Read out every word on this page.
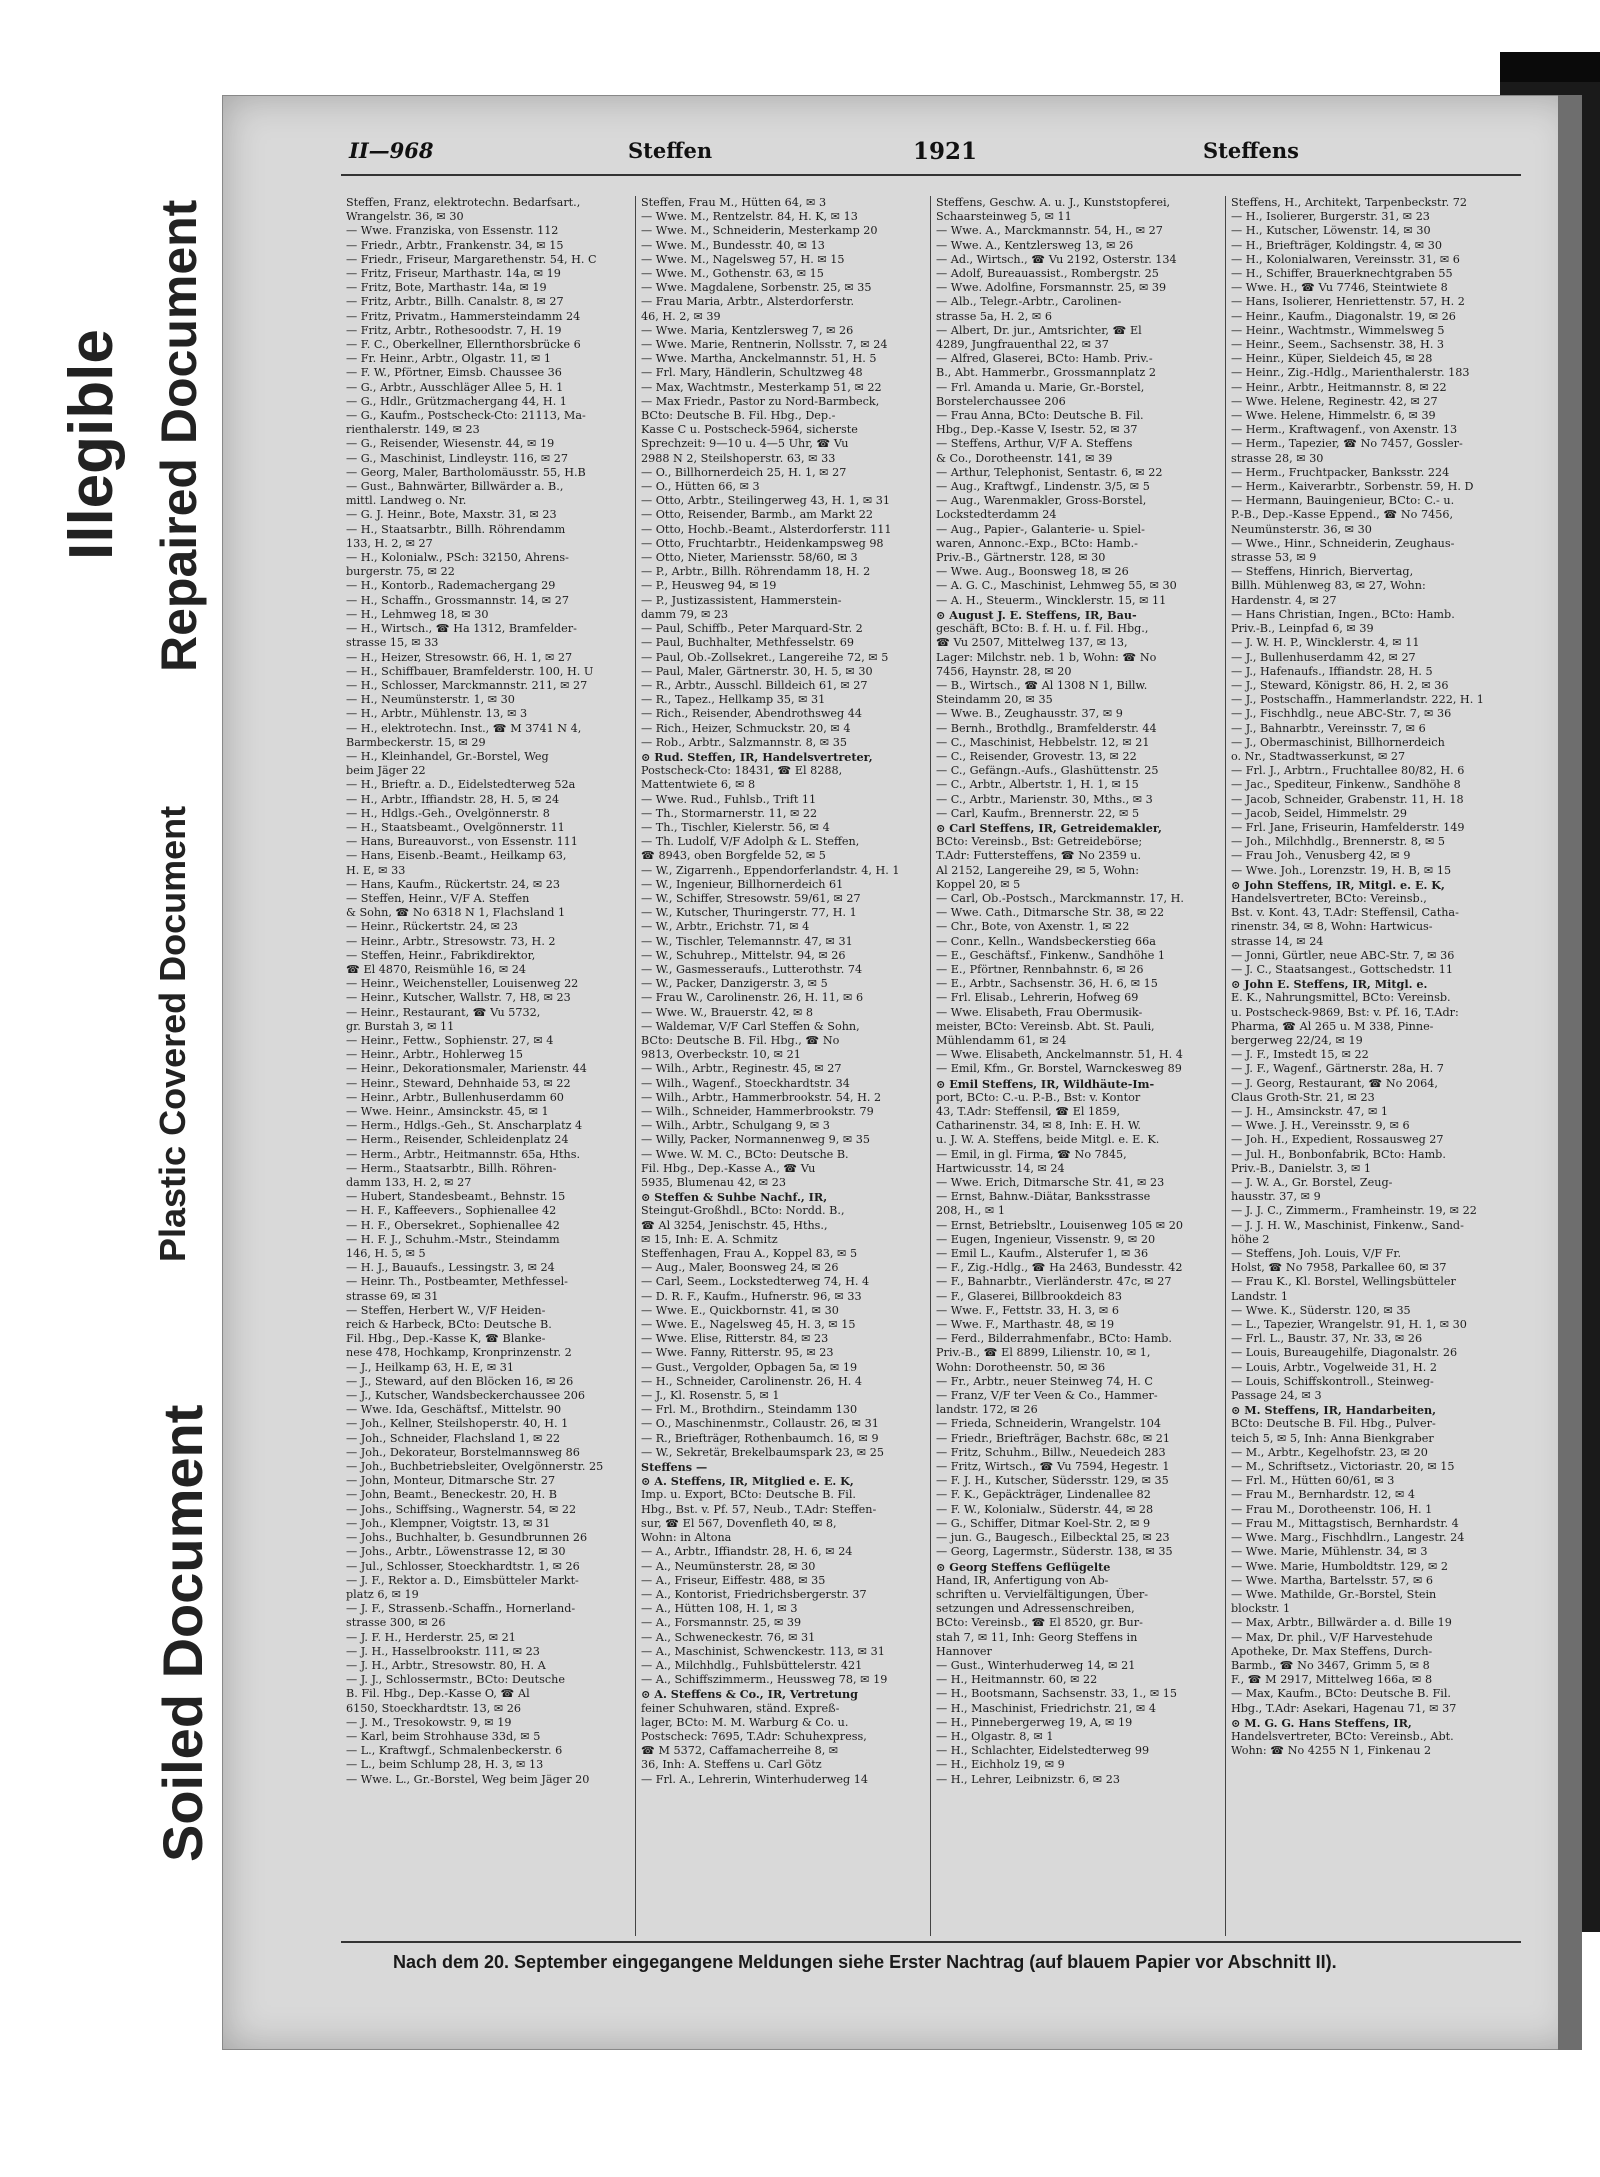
Illegible Repaired Document
Plastic Covered Document
Soiled Document
II—968	Steffen	1921	Steffens
Steffen, Franz, elektrotechn. Bedarfsart.,
Wrangelstr. 36, ✉ 30
— Wwe. Franziska, von Essenstr. 112
— Friedr., Arbtr., Frankenstr. 34, ✉ 15
— Friedr., Friseur, Margarethenstr. 54, H. C
— Fritz, Friseur, Marthastr. 14a, ✉ 19
— Fritz, Bote, Marthastr. 14a, ✉ 19
— Fritz, Arbtr., Billh. Canalstr. 8, ✉ 27
— Fritz, Privatm., Hammersteindamm 24
— Fritz, Arbtr., Rothesoodstr. 7, H. 19
— F. C., Oberkellner, Ellernthorsbrücke 6
— Fr. Heinr., Arbtr., Olgastr. 11, ✉ 1
— F. W., Pförtner, Eimsb. Chaussee 36
— G., Arbtr., Ausschläger Allee 5, H. 1
— G., Hdlr., Grützmachergang 44, H. 1
— G., Kaufm., Postscheck-Cto: 21113, Ma-
rienthalerstr. 149, ✉ 23
— G., Reisender, Wiesenstr. 44, ✉ 19
— G., Maschinist, Lindleystr. 116, ✉ 27
— Georg, Maler, Bartholomäusstr. 55, H.B
— Gust., Bahnwärter, Billwärder a. B.,
mittl. Landweg o. Nr.
— G. J. Heinr., Bote, Maxstr. 31, ✉ 23
— H., Staatsarbtr., Billh. Röhrendamm
133, H. 2, ✉ 27
— H., Kolonialw., PSch: 32150, Ahrens-
burgerstr. 75, ✉ 22
— H., Kontorb., Rademachergang 29
— H., Schaffn., Grossmannstr. 14, ✉ 27
— H., Lehmweg 18, ✉ 30
— H., Wirtsch., ☎ Ha 1312, Bramfelder-
strasse 15, ✉ 33
— H., Heizer, Stresowstr. 66, H. 1, ✉ 27
— H., Schiffbauer, Bramfelderstr. 100, H. U
— H., Schlosser, Marckmannstr. 211, ✉ 27
— H., Neumünsterstr. 1, ✉ 30
— H., Arbtr., Mühlenstr. 13, ✉ 3
— H., elektrotechn. Inst., ☎ M 3741 N 4,
Barmbeckerstr. 15, ✉ 29
— H., Kleinhandel, Gr.-Borstel, Weg
beim Jäger 22
— H., Brieftr. a. D., Eidelstedterweg 52a
— H., Arbtr., Iffiandstr. 28, H. 5, ✉ 24
— H., Hdlgs.-Geh., Ovelgönnerstr. 8
— H., Staatsbeamt., Ovelgönnerstr. 11
— Hans, Bureauvorst., von Essenstr. 111
— Hans, Eisenb.-Beamt., Heilkamp 63,
H. E, ✉ 33
— Hans, Kaufm., Rückertstr. 24, ✉ 23
— Steffen, Heinr., V/F A. Steffen
& Sohn, ☎ No 6318 N 1, Flachsland 1
— Heinr., Rückertstr. 24, ✉ 23
— Heinr., Arbtr., Stresowstr. 73, H. 2
— Steffen, Heinr., Fabrikdirektor,
☎ El 4870, Reismühle 16, ✉ 24
— Heinr., Weichensteller, Louisenweg 22
— Heinr., Kutscher, Wallstr. 7, H8, ✉ 23
— Heinr., Restaurant, ☎ Vu 5732,
gr. Burstah 3, ✉ 11
— Heinr., Fettw., Sophienstr. 27, ✉ 4
— Heinr., Arbtr., Hohlerweg 15
— Heinr., Dekorationsmaler, Marienstr. 44
— Heinr., Steward, Dehnhaide 53, ✉ 22
— Heinr., Arbtr., Bullenhuserdamm 60
— Wwe. Heinr., Amsinckstr. 45, ✉ 1
— Herm., Hdlgs.-Geh., St. Anscharplatz 4
— Herm., Reisender, Schleidenplatz 24
— Herm., Arbtr., Heitmannstr. 65a, Hths.
— Herm., Staatsarbtr., Billh. Röhren-
damm 133, H. 2, ✉ 27
— Hubert, Standesbeamt., Behnstr. 15
— H. F., Kaffeevers., Sophienallee 42
— H. F., Obersekret., Sophienallee 42
— H. F. J., Schuhm.-Mstr., Steindamm
146, H. 5, ✉ 5
— H. J., Bauaufs., Lessingstr. 3, ✉ 24
— Heinr. Th., Postbeamter, Methfessel-
strasse 69, ✉ 31
— Steffen, Herbert W., V/F Heiden-
reich & Harbeck, BCto: Deutsche B.
Fil. Hbg., Dep.-Kasse K, ☎ Blanke-
nese 478, Hochkamp, Kronprinzenstr. 2
— J., Heilkamp 63, H. E, ✉ 31
— J., Steward, auf den Blöcken 16, ✉ 26
— J., Kutscher, Wandsbeckerchaussee 206
— Wwe. Ida, Geschäftsf., Mittelstr. 90
— Joh., Kellner, Steilshoperstr. 40, H. 1
— Joh., Schneider, Flachsland 1, ✉ 22
— Joh., Dekorateur, Borstelmannsweg 86
— Joh., Buchbetriebsleiter, Ovelgönnerstr. 25
— John, Monteur, Ditmarsche Str. 27
— John, Beamt., Beneckestr. 20, H. B
— Johs., Schiffsing., Wagnerstr. 54, ✉ 22
— Joh., Klempner, Voigtstr. 13, ✉ 31
— Johs., Buchhalter, b. Gesundbrunnen 26
— Johs., Arbtr., Löwenstrasse 12, ✉ 30
— Jul., Schlosser, Stoeckhardtstr. 1, ✉ 26
— J. F., Rektor a. D., Eimsbütteler Markt-
platz 6, ✉ 19
— J. F., Strassenb.-Schaffn., Hornerland-
strasse 300, ✉ 26
— J. F. H., Herderstr. 25, ✉ 21
— J. H., Hasselbrookstr. 111, ✉ 23
— J. H., Arbtr., Stresowstr. 80, H. A
— J. J., Schlossermstr., BCto: Deutsche
B. Fil. Hbg., Dep.-Kasse O, ☎ Al
6150, Stoeckhardtstr. 13, ✉ 26
— J. M., Tresokowstr. 9, ✉ 19
— Karl, beim Strohhause 33d, ✉ 5
— L., Kraftwgf., Schmalenbeckerstr. 6
— L., beim Schlump 28, H. 3, ✉ 13
— Wwe. L., Gr.-Borstel, Weg beim Jäger 20
Steffen, Frau M., Hütten 64, ✉ 3
— Wwe. M., Rentzelstr. 84, H. K, ✉ 13
— Wwe. M., Schneiderin, Mesterkamp 20
— Wwe. M., Bundesstr. 40, ✉ 13
— Wwe. M., Nagelsweg 57, H. ✉ 15
— Wwe. M., Gothenstr. 63, ✉ 15
— Wwe. Magdalene, Sorbenstr. 25, ✉ 35
— Frau Maria, Arbtr., Alsterdorferstr.
46, H. 2, ✉ 39
— Wwe. Maria, Kentzlersweg 7, ✉ 26
— Wwe. Marie, Rentnerin, Nollsstr. 7, ✉ 24
— Wwe. Martha, Anckelmannstr. 51, H. 5
— Frl. Mary, Händlerin, Schultzweg 48
— Max, Wachtmstr., Mesterkamp 51, ✉ 22
— Max Friedr., Pastor zu Nord-Barmbeck,
BCto: Deutsche B. Fil. Hbg., Dep.-
Kasse C u. Postscheck-5964, sicherste
Sprechzeit: 9—10 u. 4—5 Uhr, ☎ Vu
2988 N 2, Steilshoperstr. 63, ✉ 33
— O., Billhornerdeich 25, H. 1, ✉ 27
— O., Hütten 66, ✉ 3
— Otto, Arbtr., Steilingerweg 43, H. 1, ✉ 31
— Otto, Reisender, Barmb., am Markt 22
— Otto, Hochb.-Beamt., Alsterdorferstr. 111
— Otto, Fruchtarbtr., Heidenkampsweg 98
— Otto, Nieter, Mariensstr. 58/60, ✉ 3
— P., Arbtr., Billh. Röhrendamm 18, H. 2
— P., Heusweg 94, ✉ 19
— P., Justizassistent, Hammerstein-
damm 79, ✉ 23
— Paul, Schiffb., Peter Marquard-Str. 2
— Paul, Buchhalter, Methfesselstr. 69
— Paul, Ob.-Zollsekret., Langereihe 72, ✉ 5
— Paul, Maler, Gärtnerstr. 30, H. 5, ✉ 30
— R., Arbtr., Ausschl. Billdeich 61, ✉ 27
— R., Tapez., Hellkamp 35, ✉ 31
— Rich., Reisender, Abendrothsweg 44
— Rich., Heizer, Schmuckstr. 20, ✉ 4
— Rob., Arbtr., Salzmannstr. 8, ✉ 35
⊙ Rud. Steffen, IR, Handelsvertreter,
Postscheck-Cto: 18431, ☎ El 8288,
Mattentwiete 6, ✉ 8
— Wwe. Rud., Fuhlsb., Trift 11
— Th., Stormarnerstr. 11, ✉ 22
— Th., Tischler, Kielerstr. 56, ✉ 4
— Th. Ludolf, V/F Adolph & L. Steffen,
☎ 8943, oben Borgfelde 52, ✉ 5
— W., Zigarrenh., Eppendorferlandstr. 4, H. 1
— W., Ingenieur, Billhornerdeich 61
— W., Schiffer, Stresowstr. 59/61, ✉ 27
— W., Kutscher, Thuringerstr. 77, H. 1
— W., Arbtr., Erichstr. 71, ✉ 4
— W., Tischler, Telemannstr. 47, ✉ 31
— W., Schuhrep., Mittelstr. 94, ✉ 26
— W., Gasmesseraufs., Lutterothstr. 74
— W., Packer, Danzigerstr. 3, ✉ 5
— Frau W., Carolinenstr. 26, H. 11, ✉ 6
— Wwe. W., Brauerstr. 42, ✉ 8
— Waldemar, V/F Carl Steffen & Sohn,
BCto: Deutsche B. Fil. Hbg., ☎ No
9813, Overbeckstr. 10, ✉ 21
— Wilh., Arbtr., Reginestr. 45, ✉ 27
— Wilh., Wagenf., Stoeckhardtstr. 34
— Wilh., Arbtr., Hammerbrookstr. 54, H. 2
— Wilh., Schneider, Hammerbrookstr. 79
— Wilh., Arbtr., Schulgang 9, ✉ 3
— Willy, Packer, Normannenweg 9, ✉ 35
— Wwe. W. M. C., BCto: Deutsche B.
Fil. Hbg., Dep.-Kasse A., ☎ Vu
5935, Blumenau 42, ✉ 23
⊙ Steffen & Suhbe Nachf., IR,
Steingut-Großhdl., BCto: Nordd. B.,
☎ Al 3254, Jenischstr. 45, Hths.,
✉ 15, Inh: E. A. Schmitz
Steffenhagen, Frau A., Koppel 83, ✉ 5
— Aug., Maler, Boonsweg 24, ✉ 26
— Carl, Seem., Lockstedterweg 74, H. 4
— D. R. F., Kaufm., Hufnerstr. 96, ✉ 33
— Wwe. E., Quickbornstr. 41, ✉ 30
— Wwe. E., Nagelsweg 45, H. 3, ✉ 15
— Wwe. Elise, Ritterstr. 84, ✉ 23
— Wwe. Fanny, Ritterstr. 95, ✉ 23
— Gust., Vergolder, Opbagen 5a, ✉ 19
— H., Schneider, Carolinenstr. 26, H. 4
— J., Kl. Rosenstr. 5, ✉ 1
— Frl. M., Brothdirn., Steindamm 130
— O., Maschinenmstr., Collaustr. 26, ✉ 31
— R., Briefträger, Rothenbaumch. 16, ✉ 9
— W., Sekretär, Brekelbaumspark 23, ✉ 25
Steffens —
⊙ A. Steffens, IR, Mitglied e. E. K,
Imp. u. Export, BCto: Deutsche B. Fil.
Hbg., Bst. v. Pf. 57, Neub., T.Adr: Steffen-
sur, ☎ El 567, Dovenfleth 40, ✉ 8,
Wohn: in Altona
— A., Arbtr., Iffiandstr. 28, H. 6, ✉ 24
— A., Neumünsterstr. 28, ✉ 30
— A., Friseur, Eiffestr. 488, ✉ 35
— A., Kontorist, Friedrichsbergerstr. 37
— A., Hütten 108, H. 1, ✉ 3
— A., Forsmannstr. 25, ✉ 39
— A., Schweneckestr. 76, ✉ 31
— A., Maschinist, Schwenckestr. 113, ✉ 31
— A., Milchhdlg., Fuhlsbüttelerstr. 421
— A., Schiffszimmerm., Heussweg 78, ✉ 19
⊙ A. Steffens & Co., IR, Vertretung
feiner Schuhwaren, ständ. Expreß-
lager, BCto: M. M. Warburg & Co. u.
Postscheck: 7695, T.Adr: Schuhexpress,
☎ M 5372, Caffamacherreihe 8, ✉
36, Inh: A. Steffens u. Carl Götz
— Frl. A., Lehrerin, Winterhuderweg 14
Steffens, Geschw. A. u. J., Kunststopferei,
Schaarsteinweg 5, ✉ 11
— Wwe. A., Marckmannstr. 54, H., ✉ 27
— Wwe. A., Kentzlersweg 13, ✉ 26
— Ad., Wirtsch., ☎ Vu 2192, Osterstr. 134
— Adolf, Bureauassist., Rombergstr. 25
— Wwe. Adolfine, Forsmannstr. 25, ✉ 39
— Alb., Telegr.-Arbtr., Carolinen-
strasse 5a, H. 2, ✉ 6
— Albert, Dr. jur., Amtsrichter, ☎ El
4289, Jungfrauenthal 22, ✉ 37
— Alfred, Glaserei, BCto: Hamb. Priv.-
B., Abt. Hammerbr., Grossmannplatz 2
— Frl. Amanda u. Marie, Gr.-Borstel,
Borstelerchaussee 206
— Frau Anna, BCto: Deutsche B. Fil.
Hbg., Dep.-Kasse V, Isestr. 52, ✉ 37
— Steffens, Arthur, V/F A. Steffens
& Co., Dorotheenstr. 141, ✉ 39
— Arthur, Telephonist, Sentastr. 6, ✉ 22
— Aug., Kraftwgf., Lindenstr. 3/5, ✉ 5
— Aug., Warenmakler, Gross-Borstel,
Lockstedterdamm 24
— Aug., Papier-, Galanterie- u. Spiel-
waren, Annonc.-Exp., BCto: Hamb.-
Priv.-B., Gärtnerstr. 128, ✉ 30
— Wwe. Aug., Boonsweg 18, ✉ 26
— A. G. C., Maschinist, Lehmweg 55, ✉ 30
— A. H., Steuerm., Wincklerstr. 15, ✉ 11
⊙ August J. E. Steffens, IR, Bau-
geschäft, BCto: B. f. H. u. f. Fil. Hbg.,
☎ Vu 2507, Mittelweg 137, ✉ 13,
Lager: Milchstr. neb. 1 b, Wohn: ☎ No
7456, Haynstr. 28, ✉ 20
— B., Wirtsch., ☎ Al 1308 N 1, Billw.
Steindamm 20, ✉ 35
— Wwe. B., Zeughausstr. 37, ✉ 9
— Bernh., Brothdlg., Bramfelderstr. 44
— C., Maschinist, Hebbelstr. 12, ✉ 21
— C., Reisender, Grovestr. 13, ✉ 22
— C., Gefängn.-Aufs., Glashüttenstr. 25
— C., Arbtr., Albertstr. 1, H. 1, ✉ 15
— C., Arbtr., Marienstr. 30, Mths., ✉ 3
— Carl, Kaufm., Brennerstr. 22, ✉ 5
⊙ Carl Steffens, IR, Getreidemakler,
BCto: Vereinsb., Bst: Getreidebörse;
T.Adr: Futtersteffens, ☎ No 2359 u.
Al 2152, Langereihe 29, ✉ 5, Wohn:
Koppel 20, ✉ 5
— Carl, Ob.-Postsch., Marckmannstr. 17, H.
— Wwe. Cath., Ditmarsche Str. 38, ✉ 22
— Chr., Bote, von Axenstr. 1, ✉ 22
— Conr., Kelln., Wandsbeckerstieg 66a
— E., Geschäftsf., Finkenw., Sandhöhe 1
— E., Pförtner, Rennbahnstr. 6, ✉ 26
— E., Arbtr., Sachsenstr. 36, H. 6, ✉ 15
— Frl. Elisab., Lehrerin, Hofweg 69
— Wwe. Elisabeth, Frau Obermusik-
meister, BCto: Vereinsb. Abt. St. Pauli,
Mühlendamm 61, ✉ 24
— Wwe. Elisabeth, Anckelmannstr. 51, H. 4
— Emil, Kfm., Gr. Borstel, Warnckesweg 89
⊙ Emil Steffens, IR, Wildhäute-Im-
port, BCto: C.-u. P.-B., Bst: v. Kontor
43, T.Adr: Steffensil, ☎ El 1859,
Catharinenstr. 34, ✉ 8, Inh: E. H. W.
u. J. W. A. Steffens, beide Mitgl. e. E. K.
— Emil, in gl. Firma, ☎ No 7845,
Hartwicusstr. 14, ✉ 24
— Wwe. Erich, Ditmarsche Str. 41, ✉ 23
— Ernst, Bahnw.-Diätar, Banksstrasse
208, H., ✉ 1
— Ernst, Betriebsltr., Louisenweg 105 ✉ 20
— Eugen, Ingenieur, Vissenstr. 9, ✉ 20
— Emil L., Kaufm., Alsterufer 1, ✉ 36
— F., Zig.-Hdlg., ☎ Ha 2463, Bundesstr. 42
— F., Bahnarbtr., Vierländerstr. 47c, ✉ 27
— F., Glaserei, Billbrookdeich 83
— Wwe. F., Fettstr. 33, H. 3, ✉ 6
— Wwe. F., Marthastr. 48, ✉ 19
— Ferd., Bilderrahmenfabr., BCto: Hamb.
Priv.-B., ☎ El 8899, Lilienstr. 10, ✉ 1,
Wohn: Dorotheenstr. 50, ✉ 36
— Fr., Arbtr., neuer Steinweg 74, H. C
— Franz, V/F ter Veen & Co., Hammer-
landstr. 172, ✉ 26
— Frieda, Schneiderin, Wrangelstr. 104
— Friedr., Briefträger, Bachstr. 68c, ✉ 21
— Fritz, Schuhm., Billw., Neuedeich 283
— Fritz, Wirtsch., ☎ Vu 7594, Hegestr. 1
— F. J. H., Kutscher, Südersstr. 129, ✉ 35
— F. K., Gepäckträger, Lindenallee 82
— F. W., Kolonialw., Süderstr. 44, ✉ 28
— G., Schiffer, Ditmar Koel-Str. 2, ✉ 9
— jun. G., Baugesch., Eilbecktal 25, ✉ 23
— Georg, Lagermstr., Süderstr. 138, ✉ 35
⊙ Georg Steffens Geflügelte
Hand, IR, Anfertigung von Ab-
schriften u. Vervielfältigungen, Über-
setzungen und Adressenschreiben,
BCto: Vereinsb., ☎ El 8520, gr. Bur-
stah 7, ✉ 11, Inh: Georg Steffens in
Hannover
— Gust., Winterhuderweg 14, ✉ 21
— H., Heitmannstr. 60, ✉ 22
— H., Bootsmann, Sachsenstr. 33, 1., ✉ 15
— H., Maschinist, Friedrichstr. 21, ✉ 4
— H., Pinnebergerweg 19, A, ✉ 19
— H., Olgastr. 8, ✉ 1
— H., Schlachter, Eidelstedterweg 99
— H., Eichholz 19, ✉ 9
— H., Lehrer, Leibnizstr. 6, ✉ 23
Steffens, H., Architekt, Tarpenbeckstr. 72
— H., Isolierer, Burgerstr. 31, ✉ 23
— H., Kutscher, Löwenstr. 14, ✉ 30
— H., Briefträger, Koldingstr. 4, ✉ 30
— H., Kolonialwaren, Vereinsstr. 31, ✉ 6
— H., Schiffer, Brauerknechtgraben 55
— Wwe. H., ☎ Vu 7746, Steintwiete 8
— Hans, Isolierer, Henriettenstr. 57, H. 2
— Heinr., Kaufm., Diagonalstr. 19, ✉ 26
— Heinr., Wachtmstr., Wimmelsweg 5
— Heinr., Seem., Sachsenstr. 38, H. 3
— Heinr., Küper, Sieldeich 45, ✉ 28
— Heinr., Zig.-Hdlg., Marienthalerstr. 183
— Heinr., Arbtr., Heitmannstr. 8, ✉ 22
— Wwe. Helene, Reginestr. 42, ✉ 27
— Wwe. Helene, Himmelstr. 6, ✉ 39
— Herm., Kraftwagenf., von Axenstr. 13
— Herm., Tapezier, ☎ No 7457, Gossler-
strasse 28, ✉ 30
— Herm., Fruchtpacker, Banksstr. 224
— Herm., Kaiverarbtr., Sorbenstr. 59, H. D
— Hermann, Bauingenieur, BCto: C.- u.
P.-B., Dep.-Kasse Eppend., ☎ No 7456,
Neumünsterstr. 36, ✉ 30
— Wwe., Hinr., Schneiderin, Zeughaus-
strasse 53, ✉ 9
— Steffens, Hinrich, Biervertag,
Billh. Mühlenweg 83, ✉ 27, Wohn:
Hardenstr. 4, ✉ 27
— Hans Christian, Ingen., BCto: Hamb.
Priv.-B., Leinpfad 6, ✉ 39
— J. W. H. P., Wincklerstr. 4, ✉ 11
— J., Bullenhuserdamm 42, ✉ 27
— J., Hafenaufs., Iffiandstr. 28, H. 5
— J., Steward, Königstr. 86, H. 2, ✉ 36
— J., Postschaffn., Hammerlandstr. 222, H. 1
— J., Fischhdlg., neue ABC-Str. 7, ✉ 36
— J., Bahnarbtr., Vereinsstr. 7, ✉ 6
— J., Obermaschinist, Billhornerdeich
o. Nr., Stadtwasserkunst, ✉ 27
— Frl. J., Arbtrn., Fruchtallee 80/82, H. 6
— Jac., Spediteur, Finkenw., Sandhöhe 8
— Jacob, Schneider, Grabenstr. 11, H. 18
— Jacob, Seidel, Himmelstr. 29
— Frl. Jane, Friseurin, Hamfelderstr. 149
— Joh., Milchhdlg., Brennerstr. 8, ✉ 5
— Frau Joh., Venusberg 42, ✉ 9
— Wwe. Joh., Lorenzstr. 19, H. B, ✉ 15
⊙ John Steffens, IR, Mitgl. e. E. K,
Handelsvertreter, BCto: Vereinsb.,
Bst. v. Kont. 43, T.Adr: Steffensil, Catha-
rinenstr. 34, ✉ 8, Wohn: Hartwicus-
strasse 14, ✉ 24
— Jonni, Gürtler, neue ABC-Str. 7, ✉ 36
— J. C., Staatsangest., Gottschedstr. 11
⊙ John E. Steffens, IR, Mitgl. e.
E. K., Nahrungsmittel, BCto: Vereinsb.
u. Postscheck-9869, Bst: v. Pf. 16, T.Adr:
Pharma, ☎ Al 265 u. M 338, Pinne-
bergerweg 22/24, ✉ 19
— J. F., Imstedt 15, ✉ 22
— J. F., Wagenf., Gärtnerstr. 28a, H. 7
— J. Georg, Restaurant, ☎ No 2064,
Claus Groth-Str. 21, ✉ 23
— J. H., Amsinckstr. 47, ✉ 1
— Wwe. J. H., Vereinsstr. 9, ✉ 6
— Joh. H., Expedient, Rossausweg 27
— Jul. H., Bonbonfabrik, BCto: Hamb.
Priv.-B., Danielstr. 3, ✉ 1
— J. W. A., Gr. Borstel, Zeug-
hausstr. 37, ✉ 9
— J. J. C., Zimmerm., Framheinstr. 19, ✉ 22
— J. J. H. W., Maschinist, Finkenw., Sand-
höhe 2
— Steffens, Joh. Louis, V/F Fr.
Holst, ☎ No 7958, Parkallee 60, ✉ 37
— Frau K., Kl. Borstel, Wellingsbütteler
Landstr. 1
— Wwe. K., Süderstr. 120, ✉ 35
— L., Tapezier, Wrangelstr. 91, H. 1, ✉ 30
— Frl. L., Baustr. 37, Nr. 33, ✉ 26
— Louis, Bureaugehilfe, Diagonalstr. 26
— Louis, Arbtr., Vogelweide 31, H. 2
— Louis, Schiffskontroll., Steinweg-
Passage 24, ✉ 3
⊙ M. Steffens, IR, Handarbeiten,
BCto: Deutsche B. Fil. Hbg., Pulver-
teich 5, ✉ 5, Inh: Anna Bienkgraber
— M., Arbtr., Kegelhofstr. 23, ✉ 20
— M., Schriftsetz., Victoriastr. 20, ✉ 15
— Frl. M., Hütten 60/61, ✉ 3
— Frau M., Bernhardstr. 12, ✉ 4
— Frau M., Dorotheenstr. 106, H. 1
— Frau M., Mittagstisch, Bernhardstr. 4
— Wwe. Marg., Fischhdlrn., Langestr. 24
— Wwe. Marie, Mühlenstr. 34, ✉ 3
— Wwe. Marie, Humboldtstr. 129, ✉ 2
— Wwe. Martha, Bartelsstr. 57, ✉ 6
— Wwe. Mathilde, Gr.-Borstel, Stein
blockstr. 1
— Max, Arbtr., Billwärder a. d. Bille 19
— Max, Dr. phil., V/F Harvestehude
Apotheke, Dr. Max Steffens, Durch-
Barmb., ☎ No 3467, Grimm 5, ✉ 8
F., ☎ M 2917, Mittelweg 166a, ✉ 8
— Max, Kaufm., BCto: Deutsche B. Fil.
Hbg., T.Adr: Asekari, Hagenau 71, ✉ 37
⊙ M. G. G. Hans Steffens, IR,
Handelsvertreter, BCto: Vereinsb., Abt.
Wohn: ☎ No 4255 N 1, Finkenau 2
Nach dem 20. September eingegangene Meldungen siehe Erster Nachtrag (auf blauem Papier vor Abschnitt II).
